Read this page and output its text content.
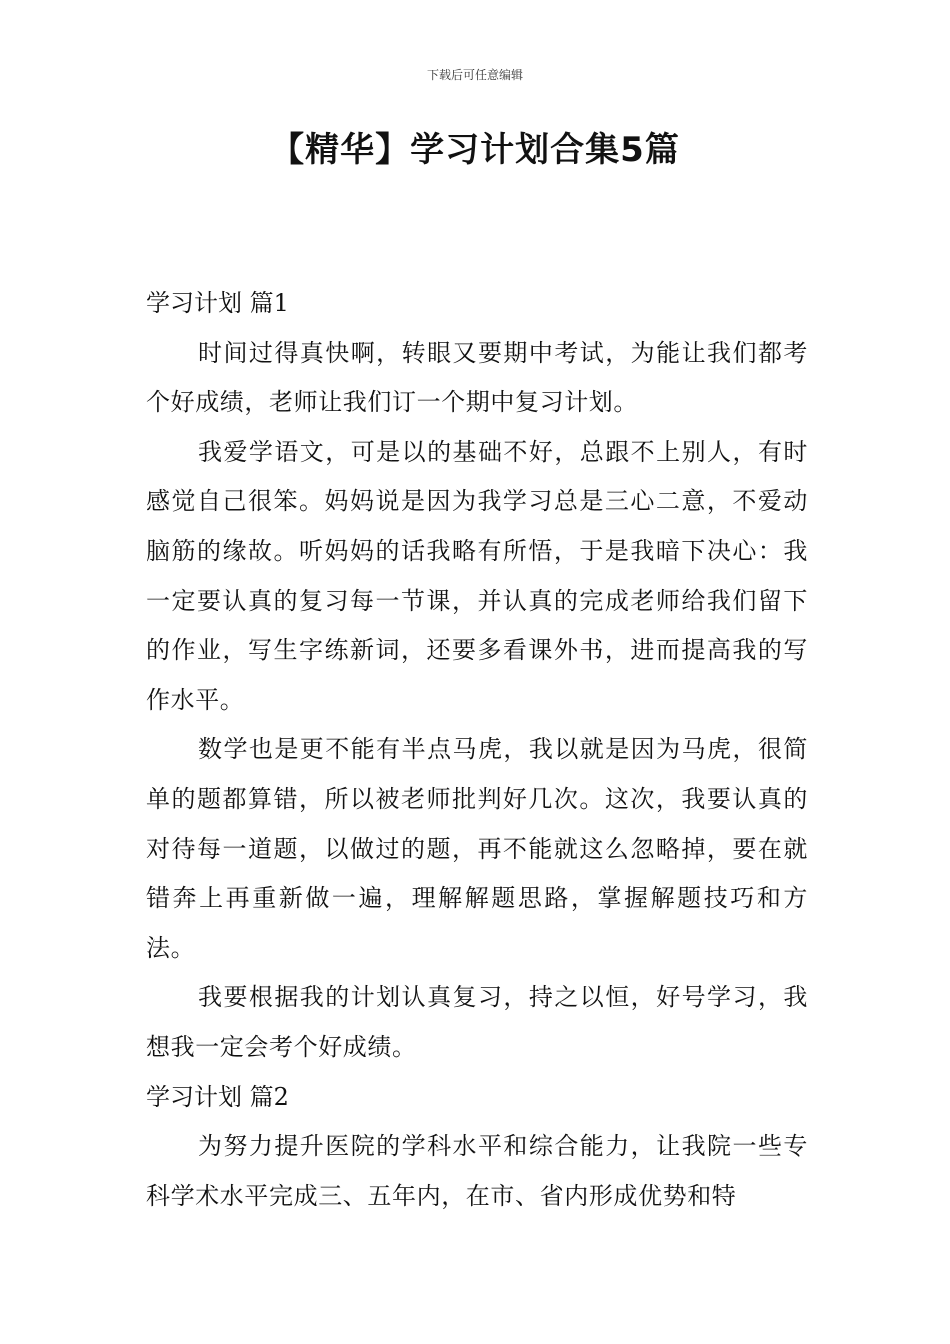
下载后可任意编辑
【精华】学习计划合集5篇

学习计划 篇1

时间过得真快啊，转眼又要期中考试，为能让我们都考个好成绩，老师让我们订一个期中复习计划。

我爱学语文，可是以的基础不好，总跟不上别人，有时感觉自己很笨。妈妈说是因为我学习总是三心二意，不爱动脑筋的缘故。听妈妈的话我略有所悟，于是我暗下决心：我一定要认真的复习每一节课，并认真的完成老师给我们留下的作业，写生字练新词，还要多看课外书，进而提高我的写作水平。

数学也是更不能有半点马虎，我以就是因为马虎，很简单的题都算错，所以被老师批判好几次。这次，我要认真的对待每一道题，以做过的题，再不能就这么忽略掉，要在就错奔上再重新做一遍，理解解题思路，掌握解题技巧和方法。

我要根据我的计划认真复习，持之以恒，好号学习，我想我一定会考个好成绩。

学习计划 篇2

为努力提升医院的学科水平和综合能力，让我院一些专科学术水平完成三、五年内，在市、省内形成优势和特
